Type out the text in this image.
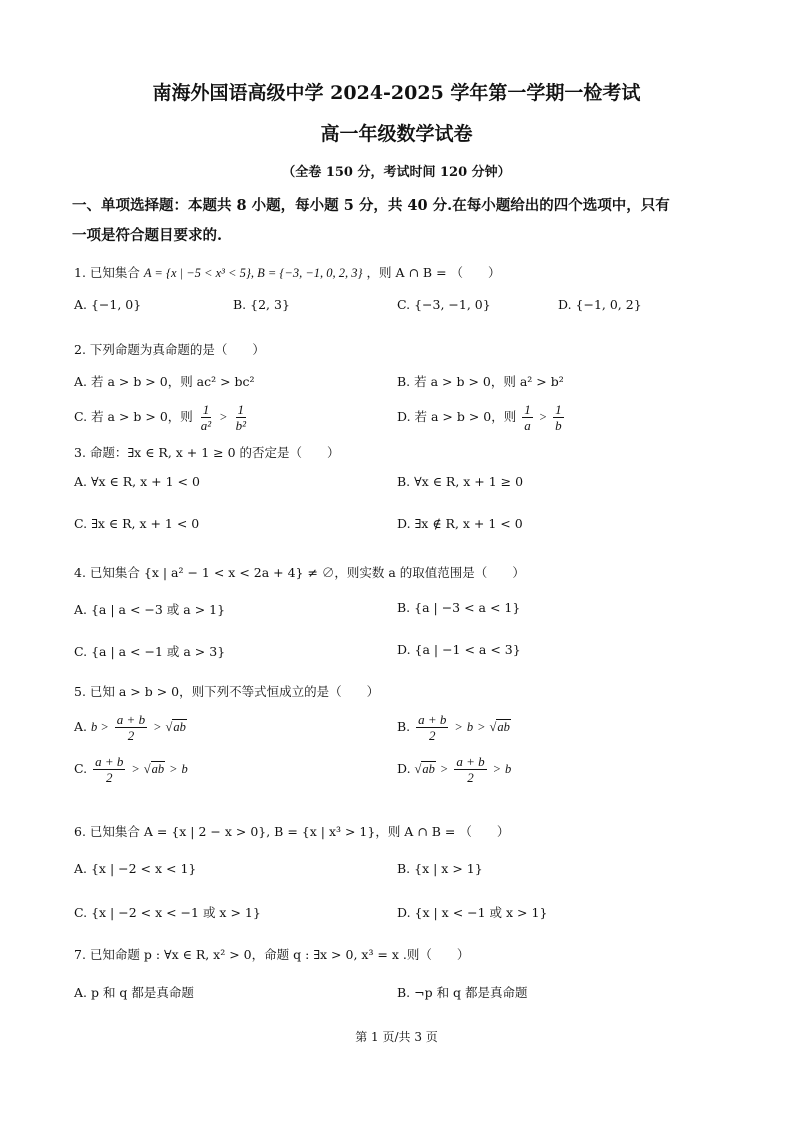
南海外国语高级中学 2024-2025 学年第一学期一检考试
高一年级数学试卷
（全卷 150 分，考试时间 120 分钟）
一、单项选择题：本题共 8 小题，每小题 5 分，共 40 分.在每小题给出的四个选项中，只有
一项是符合题目要求的.
1. 已知集合 A = {x | −5 < x³ < 5}, B = {−3, −1, 0, 2, 3} ，则 A ∩ B = （　　）
A. {−1, 0}	B. {2, 3}	C. {−3, −1, 0}	D. {−1, 0, 2}
2. 下列命题为真命题的是（　　）
A. 若 a > b > 0，则 ac² > bc²	B. 若 a > b > 0，则 a² > b²
C. 若 a > b > 0，则 $\frac{1}{\text{a²}} > \frac{1}{\text{b²}}$	D. 若 a > b > 0，则 $\frac{1}{a} > \frac{1}{b}$
3. 命题：∃x ∈ R, x + 1 ≥ 0 的否定是（　　）
A. ∀x ∈ R, x + 1 < 0	B. ∀x ∈ R, x + 1 ≥ 0
C. ∃x ∈ R, x + 1 < 0	D. ∃x ∉ R, x + 1 < 0
4. 已知集合 {x | a² − 1 < x < 2a + 4} ≠ ∅，则实数 a 的取值范围是（　　）
A. {a | a < −3 或 a > 1}	B. {a | −3 < a < 1}
C. {a | a < −1 或 a > 3}	D. {a | −1 < a < 3}
5. 已知 a > b > 0，则下列不等式恒成立的是（　　）
A. $b > \frac{a + b}{2} > √ab$	B. $\frac{a + b}{2} > b > √ab$
C. $\frac{a + b}{2} > √ab > b$	D. $√ab > \frac{a + b}{2} > b$
6. 已知集合 A = {x | 2 − x > 0}, B = {x | x³ > 1}，则 A ∩ B = （　　）
A. {x | −2 < x < 1}	B. {x | x > 1}
C. {x | −2 < x < −1 或 x > 1}	D. {x | x < −1 或 x > 1}
7. 已知命题 p : ∀x ∈ R, x² > 0，命题 q : ∃x > 0, x³ = x .则（　　）
A. p 和 q 都是真命题	B. ¬p 和 q 都是真命题
第 1 页/共 3 页
